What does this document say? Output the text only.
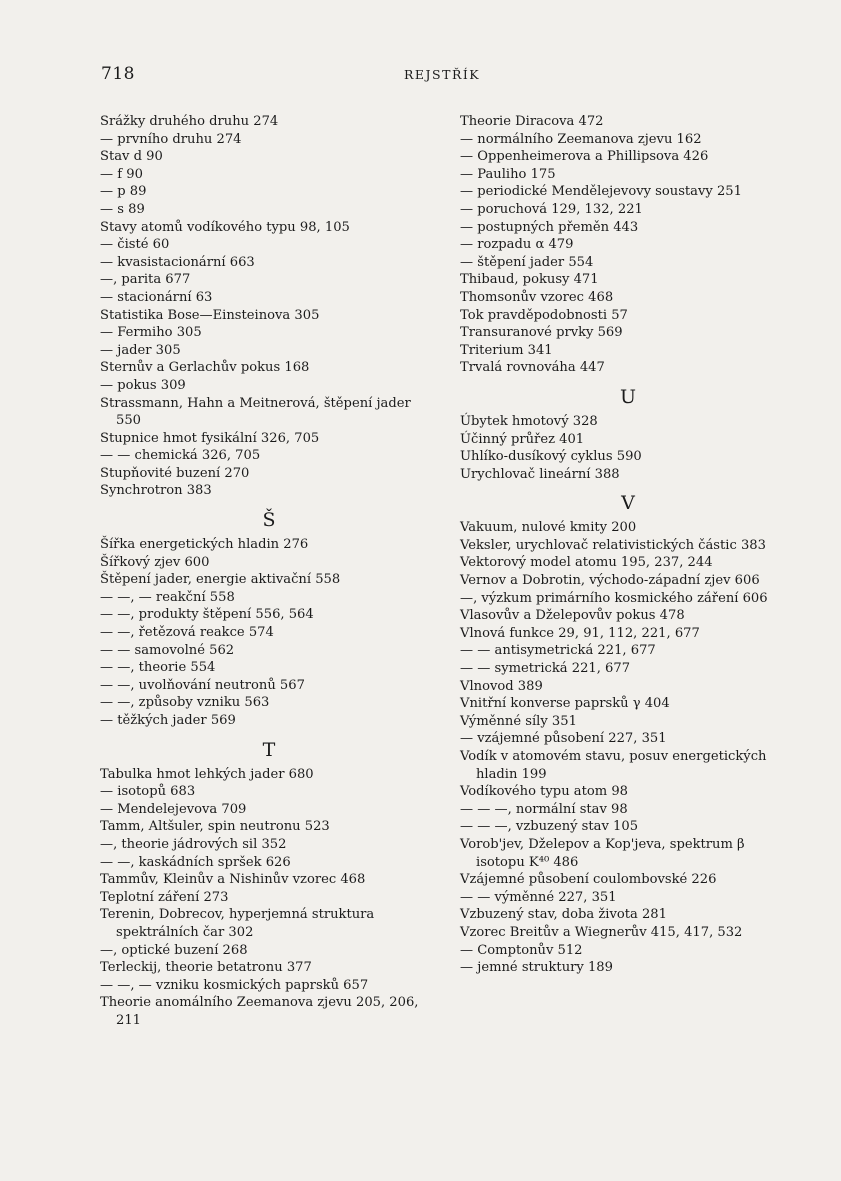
718	REJSTŘÍK
Srážky druhého druhu 274
— prvního druhu 274
Stav d 90
— f 90
— p 89
— s 89
Stavy atomů vodíkového typu 98, 105
— čisté 60
— kvasistacionární 663
—, parita 677
— stacionární 63
Statistika Bose—Einsteinova 305
— Fermiho 305
— jader 305
Sternův a Gerlachův pokus 168
— pokus 309
Strassmann, Hahn a Meitnerová, štěpení jader 550
Stupnice hmot fysikální 326, 705
— — chemická 326, 705
Stupňovité buzení 270
Synchrotron 383
Š
Šířka energetických hladin 276
Šířkový zjev 600
Štěpení jader, energie aktivační 558
— —, — reakční 558
— —, produkty štěpení 556, 564
— —, řetězová reakce 574
— — samovolné 562
— —, theorie 554
— —, uvolňování neutronů 567
— —, způsoby vzniku 563
— těžkých jader 569
T
Tabulka hmot lehkých jader 680
— isotopů 683
— Mendelejevova 709
Tamm, Altšuler, spin neutronu 523
—, theorie jádrových sil 352
— —, kaskádních spršek 626
Tammův, Kleinův a Nishinův vzorec 468
Teplotní záření 273
Terenin, Dobrecov, hyperjemná struktura spektrálních čar 302
—, optické buzení 268
Terleckij, theorie betatronu 377
— —, — vzniku kosmických paprsků 657
Theorie anomálního Zeemanova zjevu 205, 206, 211
Theorie Diracova 472
— normálního Zeemanova zjevu 162
— Oppenheimerova a Phillipsova 426
— Pauliho 175
— periodické Mendělejevovy soustavy 251
— poruchová 129, 132, 221
— postupných přeměn 443
— rozpadu α 479
— štěpení jader 554
Thibaud, pokusy 471
Thomsonův vzorec 468
Tok pravděpodobnosti 57
Transuranové prvky 569
Triterium 341
Trvalá rovnováha 447
U
Úbytek hmotový 328
Účinný průřez 401
Uhlíko-dusíkový cyklus 590
Urychlovač lineární 388
V
Vakuum, nulové kmity 200
Veksler, urychlovač relativistických částic 383
Vektorový model atomu 195, 237, 244
Vernov a Dobrotin, východo-západní zjev 606
—, výzkum primárního kosmického záření 606
Vlasovův a Dželepovův pokus 478
Vlnová funkce 29, 91, 112, 221, 677
— — antisymetrická 221, 677
— — symetrická 221, 677
Vlnovod 389
Vnitřní konverse paprsků γ 404
Výměnné síly 351
— vzájemné působení 227, 351
Vodík v atomovém stavu, posuv energetických hladin 199
Vodíkového typu atom 98
— — —, normální stav 98
— — —, vzbuzený stav 105
Vorob'jev, Dželepov a Kop'jeva, spektrum β isotopu K⁴⁰ 486
Vzájemné působení coulombovské 226
— — výměnné 227, 351
Vzbuzený stav, doba života 281
Vzorec Breitův a Wiegnerův 415, 417, 532
— Comptonův 512
— jemné struktury 189
